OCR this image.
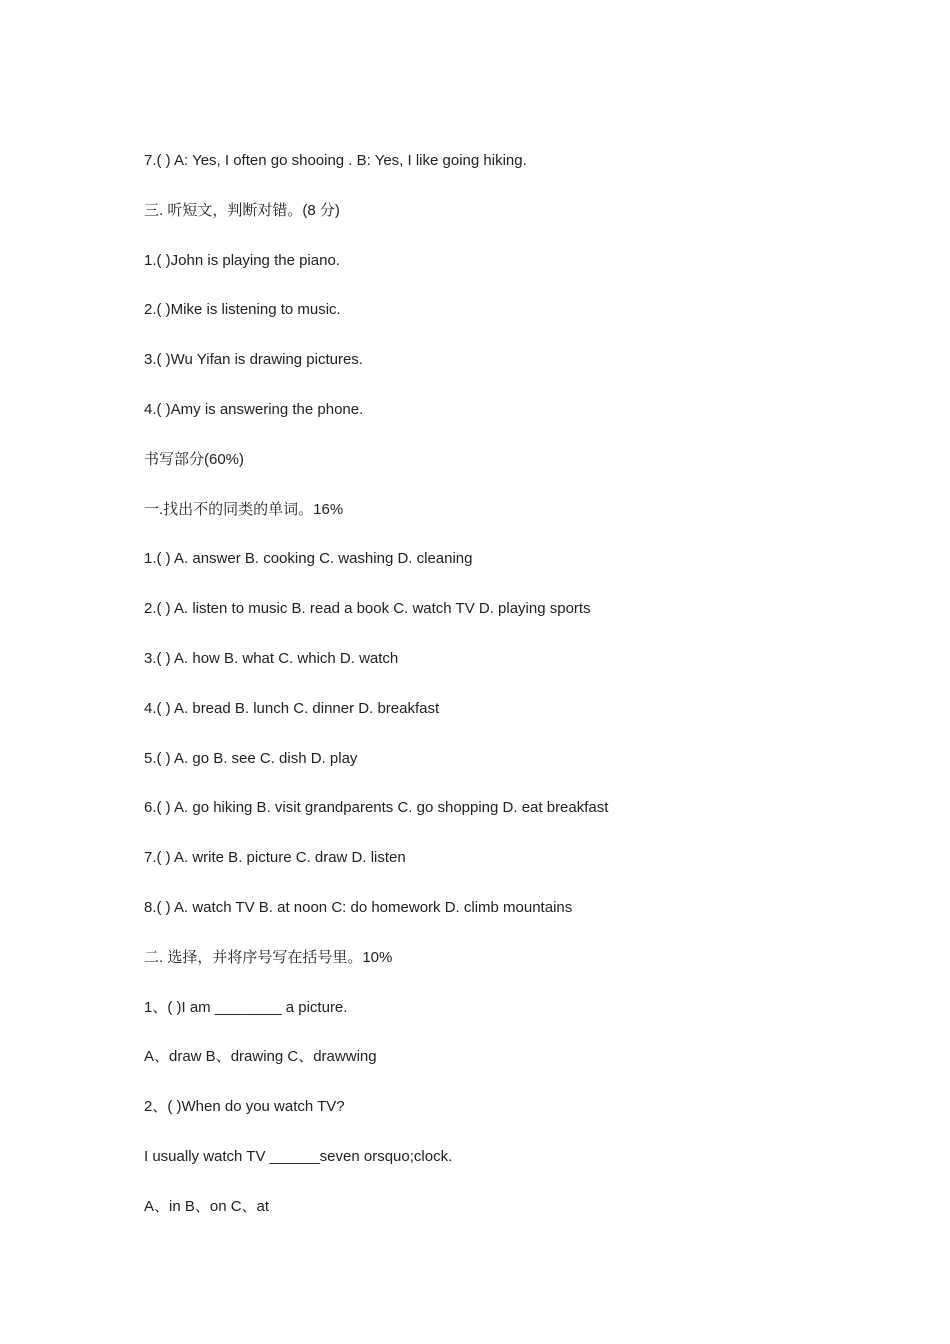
7.( ) A: Yes, I often go shooing . B: Yes, I like going hiking.
三. 听短文，判断对错。(8 分)
1.( )John is playing the piano.
2.( )Mike is listening to music.
3.( )Wu Yifan is drawing pictures.
4.( )Amy is answering the phone.
书写部分(60%)
一.找出不的同类的单词。16%
1.( ) A. answer B. cooking C. washing D. cleaning
2.( ) A. listen to music B. read a book C. watch TV D. playing sports
3.( ) A. how B. what C. which D. watch
4.( ) A. bread B. lunch C. dinner D. breakfast
5.( ) A. go B. see C. dish D. play
6.( ) A. go hiking B. visit grandparents C. go shopping D. eat breakfast
7.( ) A. write B. picture C. draw D. listen
8.( ) A. watch TV B. at noon C: do homework D. climb mountains
二. 选择，并将序号写在括号里。10%
1、( )I am ________ a picture.
A、draw B、drawing C、drawwing
2、( )When do you watch TV?
I usually watch TV ______seven orsquo;clock.
A、in B、on C、at
